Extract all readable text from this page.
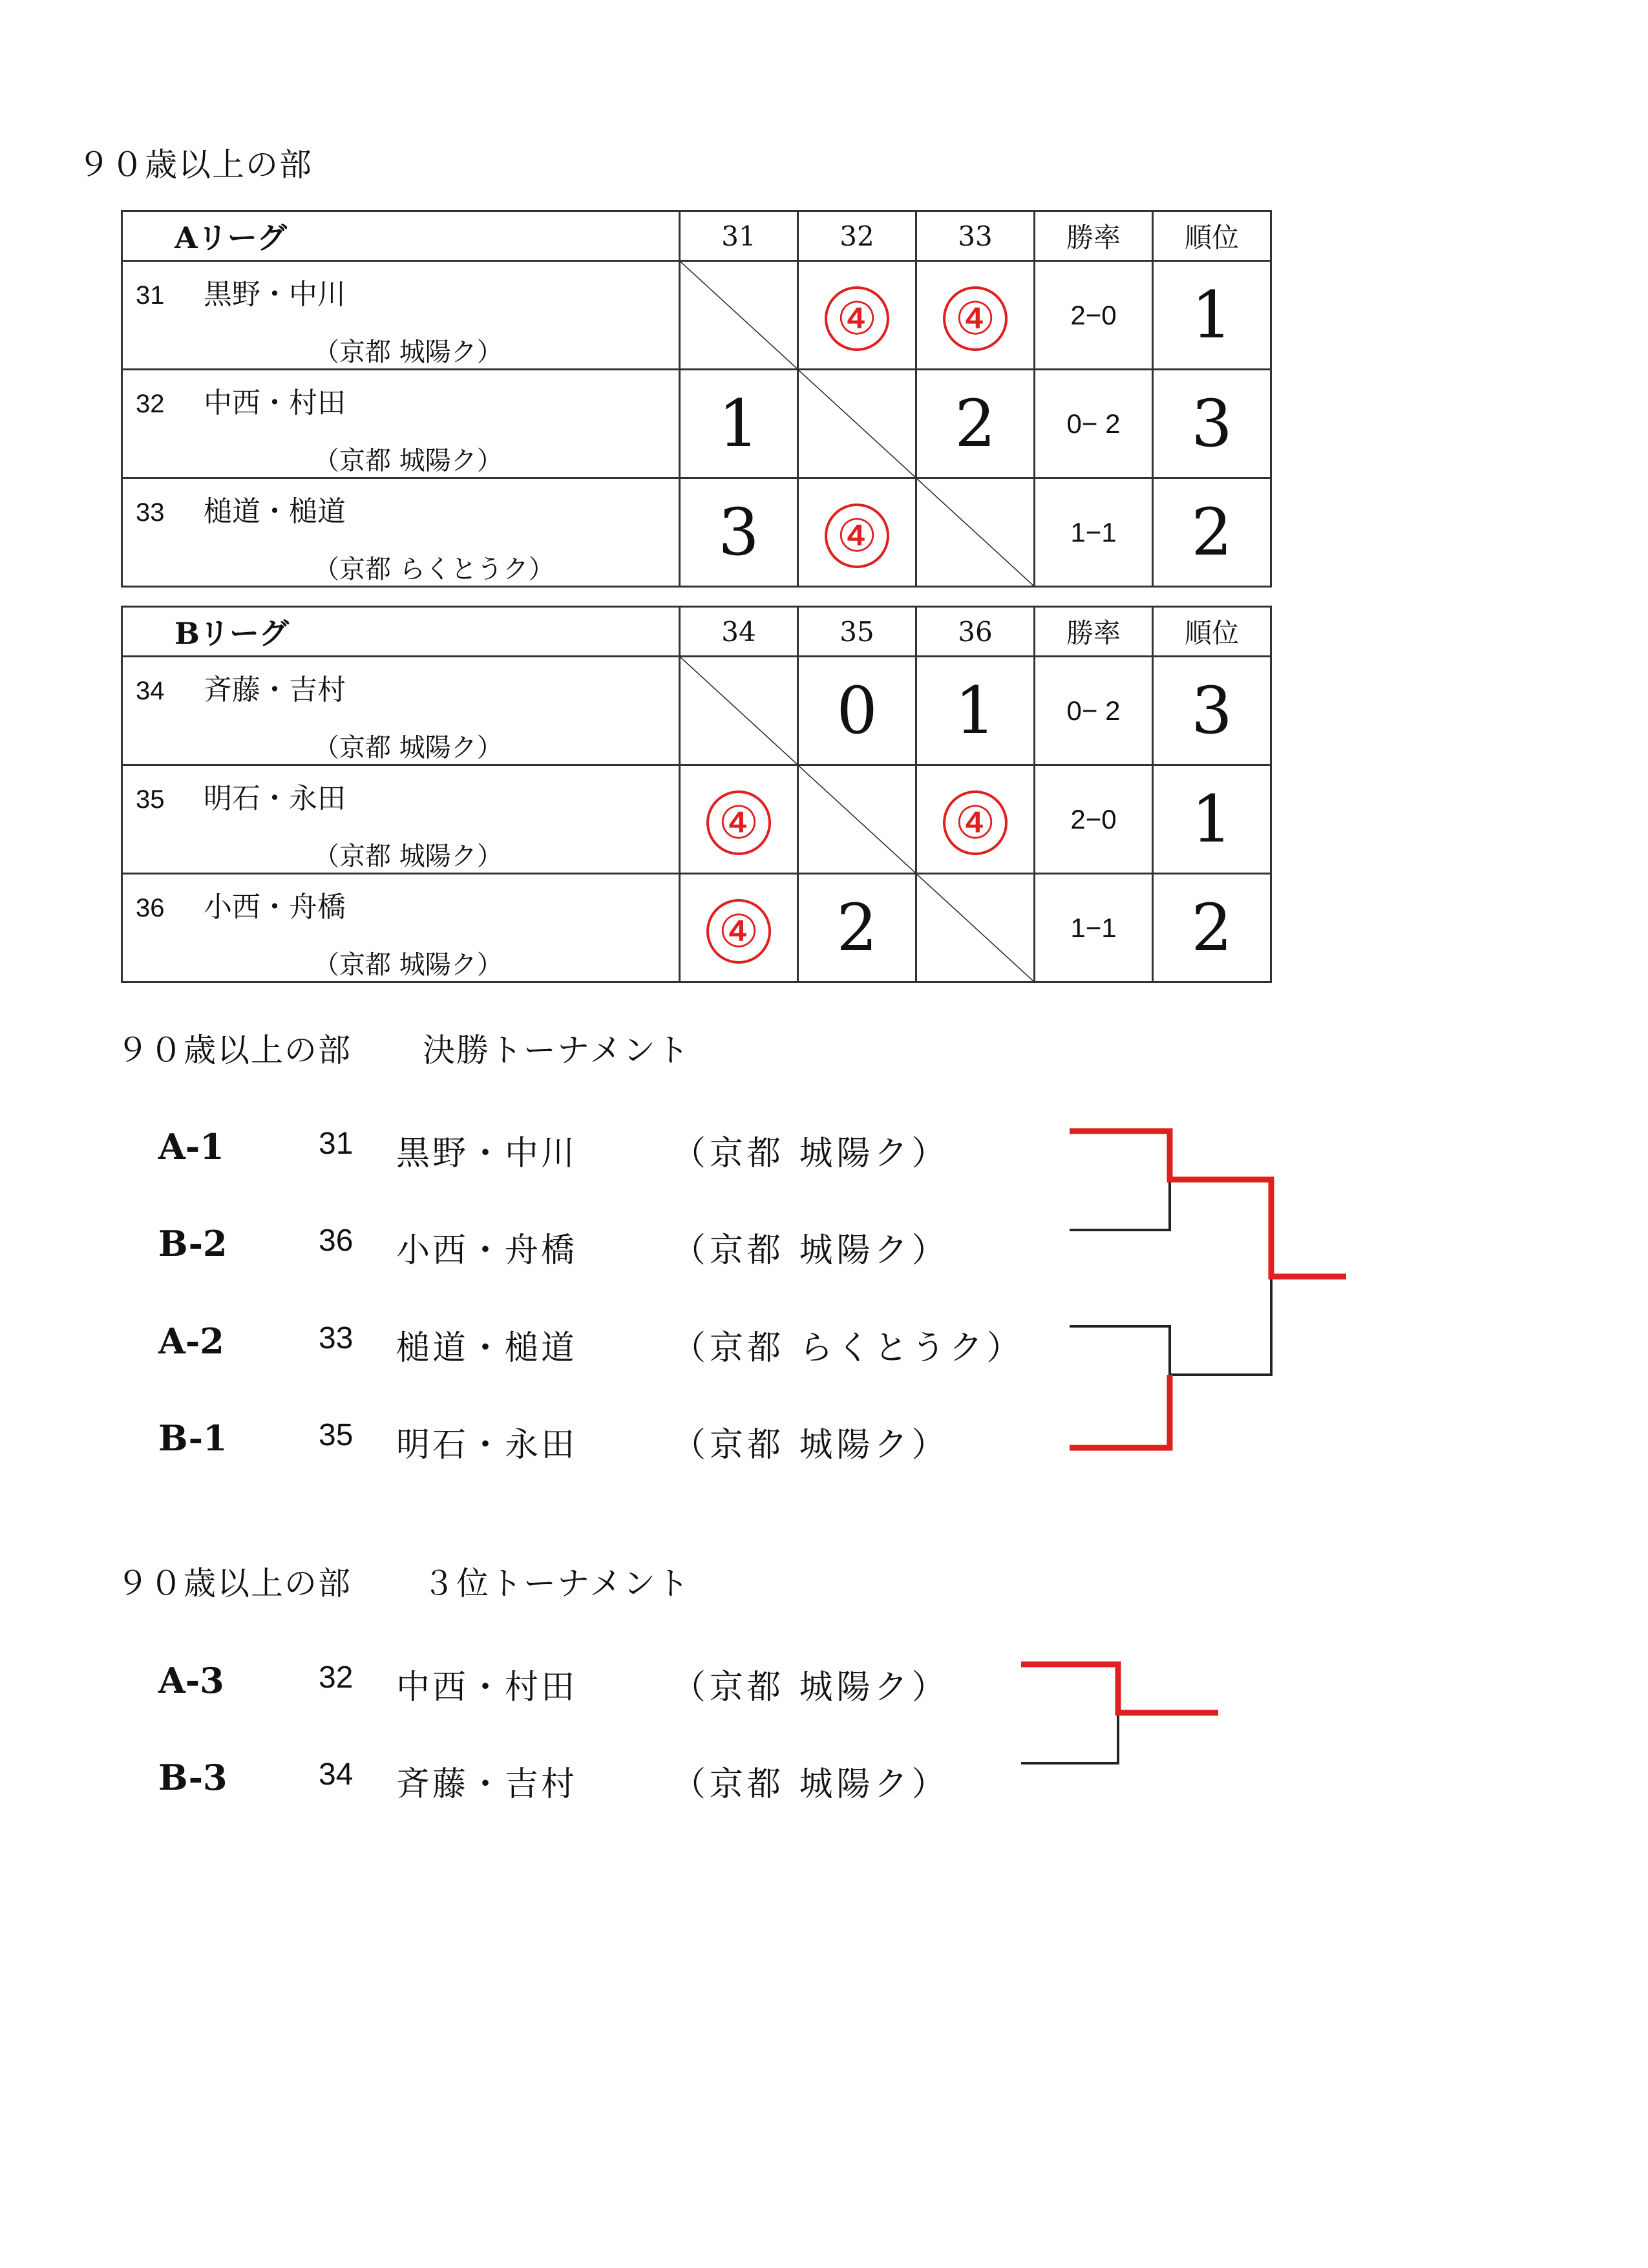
９０歳以上の部
Aリーグ	31	32	33	勝率	順位

31 黒野・中川
（京都 城陽ク）		④	④	2−0	1

32 中西・村田
（京都 城陽ク）	1		2	0− 2	3

33 槌道・槌道
（京都 らくとうク）	3	④		1−1	2
Bリーグ	34	35	36	勝率	順位

34 斉藤・吉村
（京都 城陽ク）		0	1	0− 2	3

35 明石・永田
（京都 城陽ク）	④		④	2−0	1

36 小西・舟橋
（京都 城陽ク）	④	2		1−1	2
９０歳以上の部 決勝トーナメント
A-1	31 黒野・中川	（京都 城陽ク）
B-2	36 小西・舟橋	（京都 城陽ク）
A-2	33 槌道・槌道	（京都 らくとうク）
B-1	35 明石・永田	（京都 城陽ク）
９０歳以上の部 ３位トーナメント
A-3	32 中西・村田	（京都 城陽ク）
B-3	34 斉藤・吉村	（京都 城陽ク）
